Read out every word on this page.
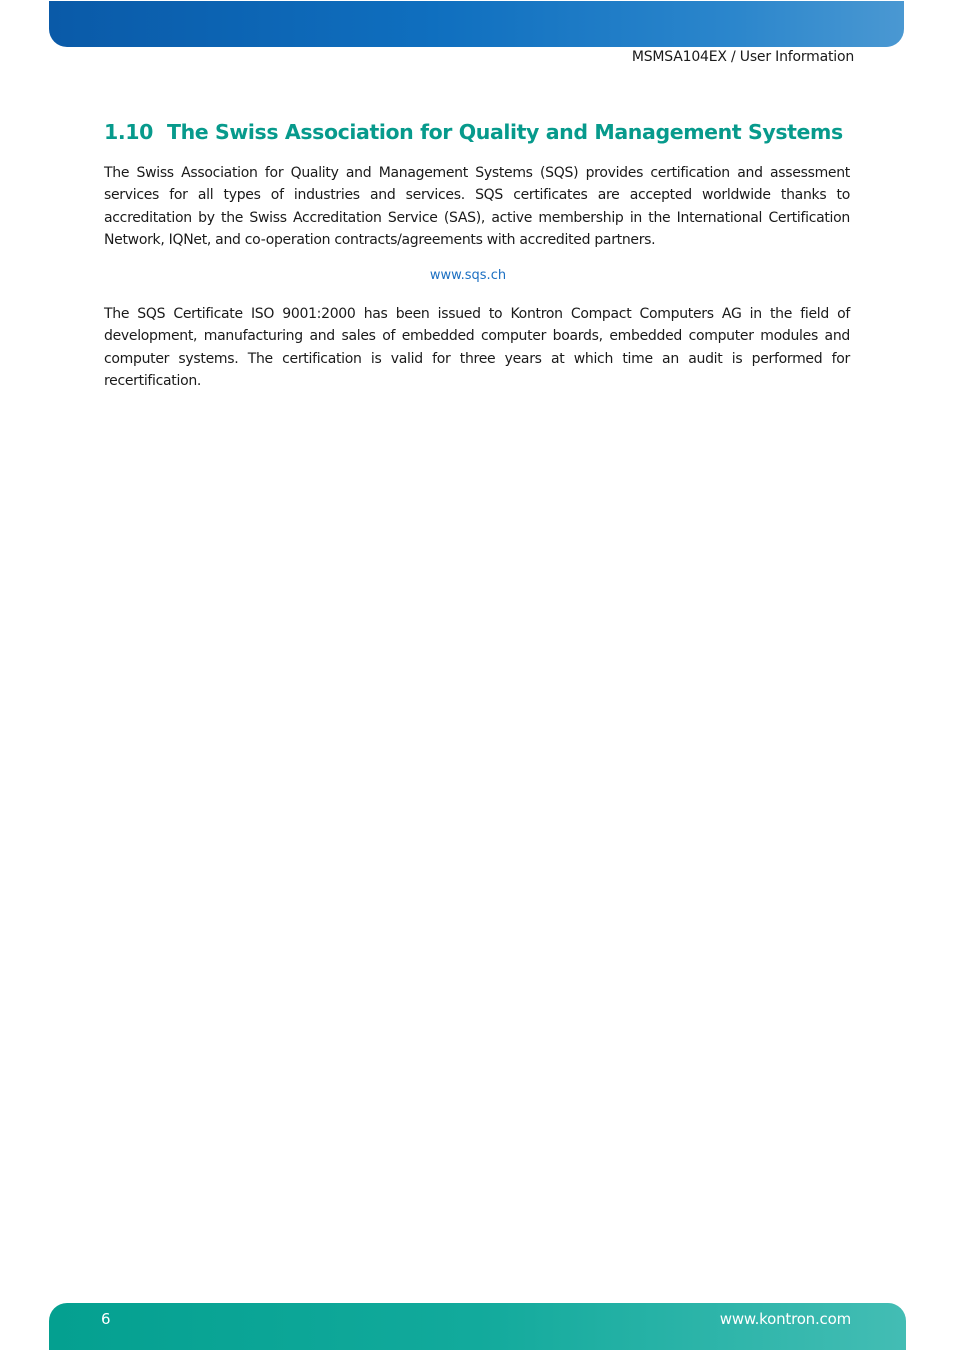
MSMSA104EX / User Information
1.10 The Swiss Association for Quality and Management Systems

The Swiss Association for Quality and Management Systems (SQS) provides certification and assessment services for all types of industries and services. SQS certificates are accepted worldwide thanks to accreditation by the Swiss Accreditation Service (SAS), active membership in the International Certification Network, IQNet, and co-operation contracts/agreements with accredited partners.

www.sqs.ch

The SQS Certificate ISO 9001:2000 has been issued to Kontron Compact Computers AG in the field of development, manufacturing and sales of embedded computer boards, embedded computer modules and computer systems. The certification is valid for three years at which time an audit is performed for recertification.

6	www.kontron.com
